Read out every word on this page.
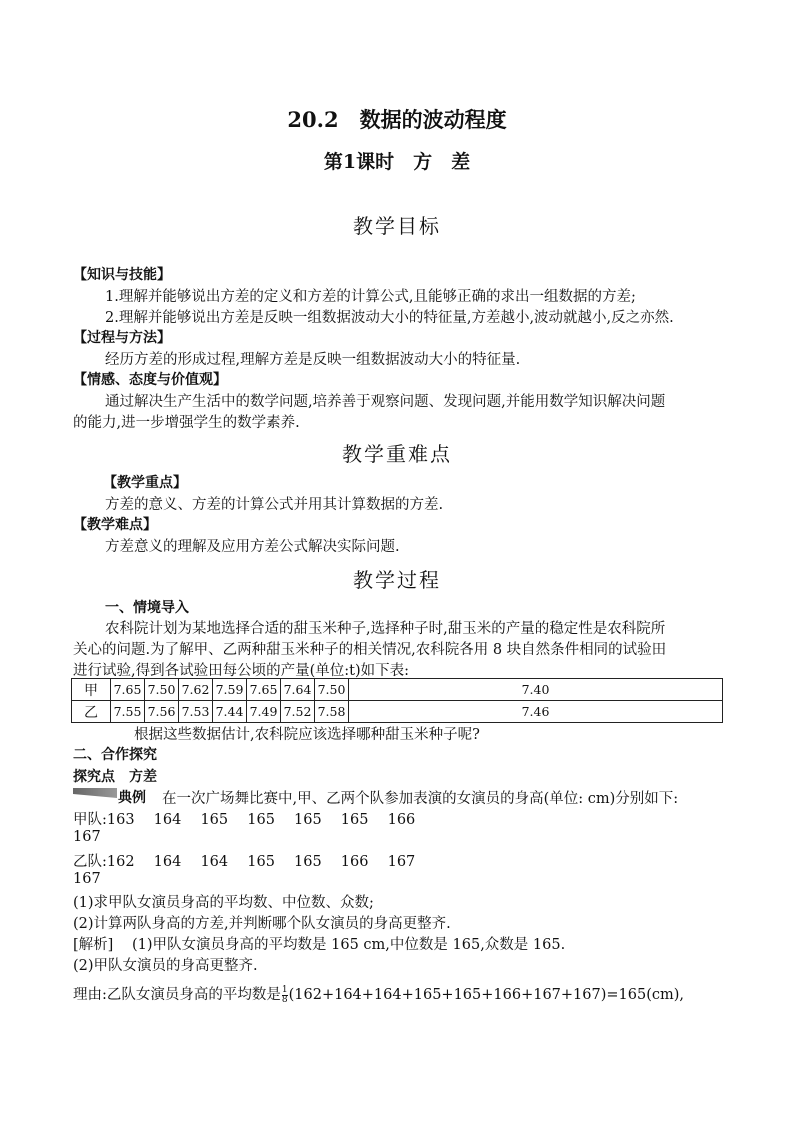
20.2　数据的波动程度
第1课时　方　差
教学目标
【知识与技能】
1.理解并能够说出方差的定义和方差的计算公式,且能够正确的求出一组数据的方差;
2.理解并能够说出方差是反映一组数据波动大小的特征量,方差越小,波动就越小,反之亦然.
【过程与方法】
经历方差的形成过程,理解方差是反映一组数据波动大小的特征量.
【情感、态度与价值观】
通过解决生产生活中的数学问题,培养善于观察问题、发现问题,并能用数学知识解决问题
的能力,进一步增强学生的数学素养.
教学重难点
【教学重点】
方差的意义、方差的计算公式并用其计算数据的方差.
【教学难点】
方差意义的理解及应用方差公式解决实际问题.
教学过程
一、情境导入
农科院计划为某地选择合适的甜玉米种子,选择种子时,甜玉米的产量的稳定性是农科院所
关心的问题.为了解甲、乙两种甜玉米种子的相关情况,农科院各用 8 块自然条件相同的试验田
进行试验,得到各试验田每公顷的产量(单位:t)如下表:
甲	7.65	7.50	7.62	7.59	7.65	7.64	7.50	7.40
乙	7.55	7.56	7.53	7.44	7.49	7.52	7.58	7.46
根据这些数据估计,农科院应该选择哪种甜玉米种子呢?
二、合作探究
探究点　方差
典例 在一次广场舞比赛中,甲、乙两个队参加表演的女演员的身高(单位: cm)分别如下:
甲队:163　 164　 165　 165　 165　 165　 166
167
乙队:162　 164　 164　 165　 165　 166　 167
167
(1)求甲队女演员身高的平均数、中位数、众数;
(2)计算两队身高的方差,并判断哪个队女演员的身高更整齐.
[解析] (1)甲队女演员身高的平均数是 165 cm,中位数是 165,众数是 165.
(2)甲队女演员的身高更整齐.
理由:乙队女演员身高的平均数是 $\frac{1}{8} (162+164+164+165+165+166+167+167)=165(cm)$,
